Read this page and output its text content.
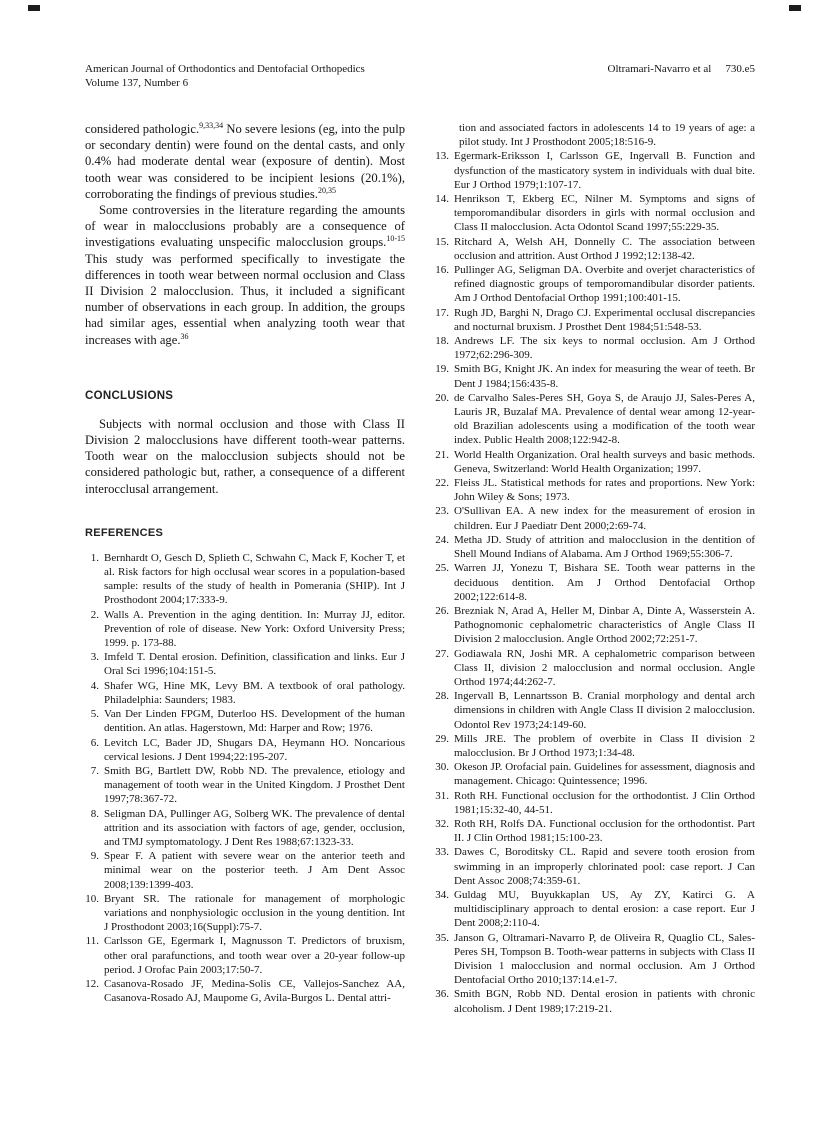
American Journal of Orthodontics and Dentofacial Orthopedics
Volume 137, Number 6
Oltramari-Navarro et al 730.e5

considered pathologic.$^{9,33,34}$ No severe lesions (eg, into the pulp or secondary dentin) were found on the dental casts, and only 0.4% had moderate dental wear (exposure of dentin). Most tooth wear was considered to be incipient lesions (20.1%), corroborating the findings of previous studies.$^{20,35}$

Some controversies in the literature regarding the amounts of wear in malocclusions probably are a consequence of investigations evaluating unspecific malocclusion groups.$^{10-15}$ This study was performed specifically to investigate the differences in tooth wear between normal occlusion and Class II Division 2 malocclusion. Thus, it included a significant number of observations in each group. In addition, the groups had similar ages, essential when analyzing tooth wear that increases with age.$^{36}$

CONCLUSIONS

Subjects with normal occlusion and those with Class II Division 2 malocclusions have different tooth-wear patterns. Tooth wear on the malocclusion subjects should not be considered pathologic but, rather, a consequence of a different interocclusal arrangement.

REFERENCES
1. Bernhardt O, Gesch D, Splieth C, Schwahn C, Mack F, Kocher T, et al. Risk factors for high occlusal wear scores in a population-based sample: results of the study of health in Pomerania (SHIP). Int J Prosthodont 2004;17:333-9.
2. Walls A. Prevention in the aging dentition. In: Murray JJ, editor. Prevention of role of disease. New York: Oxford University Press; 1999. p. 173-88.
3. Imfeld T. Dental erosion. Definition, classification and links. Eur J Oral Sci 1996;104:151-5.
4. Shafer WG, Hine MK, Levy BM. A textbook of oral pathology. Philadelphia: Saunders; 1983.
5. Van Der Linden FPGM, Duterloo HS. Development of the human dentition. An atlas. Hagerstown, Md: Harper and Row; 1976.
6. Levitch LC, Bader JD, Shugars DA, Heymann HO. Noncarious cervical lesions. J Dent 1994;22:195-207.
7. Smith BG, Bartlett DW, Robb ND. The prevalence, etiology and management of tooth wear in the United Kingdom. J Prosthet Dent 1997;78:367-72.
8. Seligman DA, Pullinger AG, Solberg WK. The prevalence of dental attrition and its association with factors of age, gender, occlusion, and TMJ symptomatology. J Dent Res 1988;67:1323-33.
9. Spear F. A patient with severe wear on the anterior teeth and minimal wear on the posterior teeth. J Am Dent Assoc 2008;139:1399-403.
10. Bryant SR. The rationale for management of morphologic variations and nonphysiologic occlusion in the young dentition. Int J Prosthodont 2003;16(Suppl):75-7.
11. Carlsson GE, Egermark I, Magnusson T. Predictors of bruxism, other oral parafunctions, and tooth wear over a 20-year follow-up period. J Orofac Pain 2003;17:50-7.
12. Casanova-Rosado JF, Medina-Solis CE, Vallejos-Sanchez AA, Casanova-Rosado AJ, Maupome G, Avila-Burgos L. Dental attri-

tion and associated factors in adolescents 14 to 19 years of age: a pilot study. Int J Prosthodont 2005;18:516-9.

13. Egermark-Eriksson I, Carlsson GE, Ingervall B. Function and dysfunction of the masticatory system in individuals with dual bite. Eur J Orthod 1979;1:107-17.
14. Henrikson T, Ekberg EC, Nilner M. Symptoms and signs of temporomandibular disorders in girls with normal occlusion and Class II malocclusion. Acta Odontol Scand 1997;55:229-35.
15. Ritchard A, Welsh AH, Donnelly C. The association between occlusion and attrition. Aust Orthod J 1992;12:138-42.
16. Pullinger AG, Seligman DA. Overbite and overjet characteristics of refined diagnostic groups of temporomandibular disorder patients. Am J Orthod Dentofacial Orthop 1991;100:401-15.
17. Rugh JD, Barghi N, Drago CJ. Experimental occlusal discrepancies and nocturnal bruxism. J Prosthet Dent 1984;51:548-53.
18. Andrews LF. The six keys to normal occlusion. Am J Orthod 1972;62:296-309.
19. Smith BG, Knight JK. An index for measuring the wear of teeth. Br Dent J 1984;156:435-8.
20. de Carvalho Sales-Peres SH, Goya S, de Araujo JJ, Sales-Peres A, Lauris JR, Buzalaf MA. Prevalence of dental wear among 12-year-old Brazilian adolescents using a modification of the tooth wear index. Public Health 2008;122:942-8.
21. World Health Organization. Oral health surveys and basic methods. Geneva, Switzerland: World Health Organization; 1997.
22. Fleiss JL. Statistical methods for rates and proportions. New York: John Wiley & Sons; 1973.
23. O'Sullivan EA. A new index for the measurement of erosion in children. Eur J Paediatr Dent 2000;2:69-74.
24. Metha JD. Study of attrition and malocclusion in the dentition of Shell Mound Indians of Alabama. Am J Orthod 1969;55:306-7.
25. Warren JJ, Yonezu T, Bishara SE. Tooth wear patterns in the deciduous dentition. Am J Orthod Dentofacial Orthop 2002;122:614-8.
26. Brezniak N, Arad A, Heller M, Dinbar A, Dinte A, Wasserstein A. Pathognomonic cephalometric characteristics of Angle Class II Division 2 malocclusion. Angle Orthod 2002;72:251-7.
27. Godiawala RN, Joshi MR. A cephalometric comparison between Class II, division 2 malocclusion and normal occlusion. Angle Orthod 1974;44:262-7.
28. Ingervall B, Lennartsson B. Cranial morphology and dental arch dimensions in children with Angle Class II division 2 malocclusion. Odontol Rev 1973;24:149-60.
29. Mills JRE. The problem of overbite in Class II division 2 malocclusion. Br J Orthod 1973;1:34-48.
30. Okeson JP. Orofacial pain. Guidelines for assessment, diagnosis and management. Chicago: Quintessence; 1996.
31. Roth RH. Functional occlusion for the orthodontist. J Clin Orthod 1981;15:32-40, 44-51.
32. Roth RH, Rolfs DA. Functional occlusion for the orthodontist. Part II. J Clin Orthod 1981;15:100-23.
33. Dawes C, Boroditsky CL. Rapid and severe tooth erosion from swimming in an improperly chlorinated pool: case report. J Can Dent Assoc 2008;74:359-61.
34. Guldag MU, Buyukkaplan US, Ay ZY, Katirci G. A multidisciplinary approach to dental erosion: a case report. Eur J Dent 2008;2:110-4.
35. Janson G, Oltramari-Navarro P, de Oliveira R, Quaglio CL, Sales-Peres SH, Tompson B. Tooth-wear patterns in subjects with Class II Division 1 malocclusion and normal occlusion. Am J Orthod Dentofacial Ortho 2010;137:14.e1-7.
36. Smith BGN, Robb ND. Dental erosion in patients with chronic alcoholism. J Dent 1989;17:219-21.
